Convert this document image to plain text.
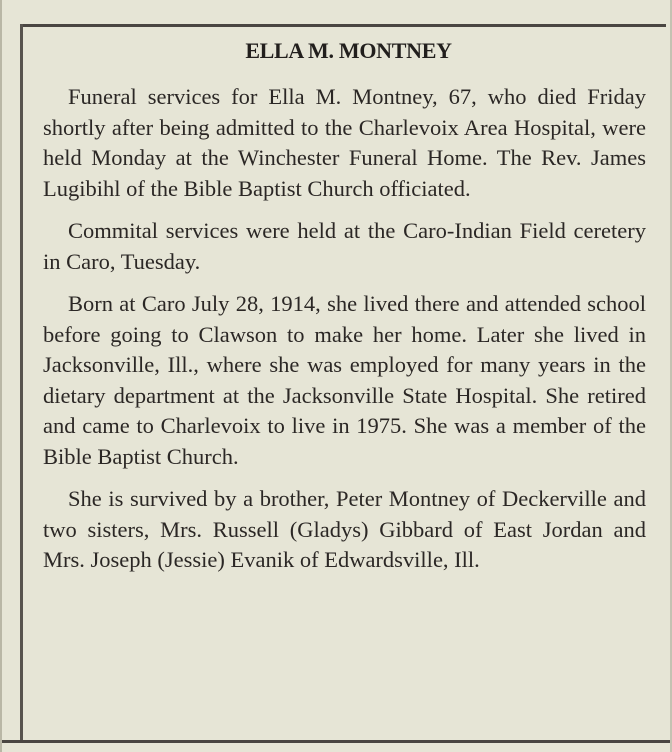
ELLA M. MONTNEY

Funeral services for Ella M. Montney, 67, who died Friday shortly after being admitted to the Charlevoix Area Hospital, were held Monday at the Winchester Funeral Home. The Rev. James Lugibihl of the Bible Baptist Church officiated.

Commital services were held at the Caro-Indian Field ceretery in Caro, Tuesday.

Born at Caro July 28, 1914, she lived there and attended school before going to Clawson to make her home. Later she lived in Jacksonville, Ill., where she was employed for many years in the dietary department at the Jacksonville State Hospital. She retired and came to Charlevoix to live in 1975. She was a member of the Bible Baptist Church.

She is survived by a brother, Peter Montney of Deckerville and two sisters, Mrs. Russell (Gladys) Gibbard of East Jordan and Mrs. Joseph (Jessie) Evanik of Edwardsville, Ill.
